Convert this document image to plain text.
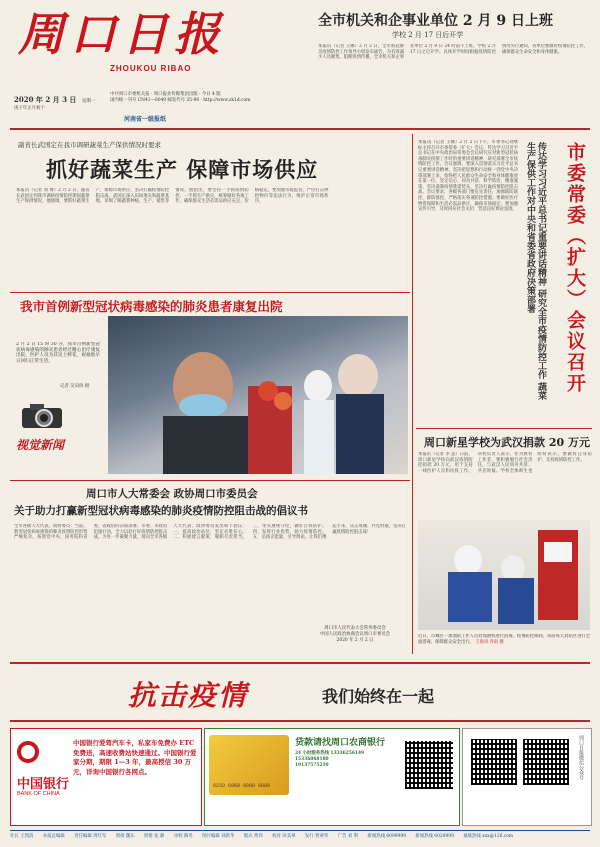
周口日报
ZHOUKOU RIBAO
2020 年 2 月 3 日 星期一
庚子年正月初十
中共周口市委机关报 · 周口报业传媒集团出版 · 今日 4 版
国内统一刊号 CN41—0049 邮发代号 35-98 · http://www.zk1d.com
河南省一级报纸
全市机关和企事业单位 2 月 9 日上班
学校 2 月 17 日后开学
本报讯（记者 王娜）2 月 2 日，全市新冠肺炎疫情防控工作领导小组发布通告，为有效减少人员聚集，阻断疫情传播，全市机关和企事业单位 2 月 9 日 24 时前不上班，学校 2 月 17 日之后开学。具体开学时间根据疫情防控情况另行通知。各单位要做好疫情防控工作，确保群众生命安全和身体健康。
副省长武国定在我市调研蔬菜生产保供情况时要求
抓好蔬菜生产 保障市场供应
本报讯（记者 刘 博）2 月 2 日，副省长武国定到我市调研疫情防控期间蔬菜生产保供情况，他强调，要抓好蔬菜生产，保障市场供应，坚决打赢疫情防控阻击战。武国定深入田间地头和蔬菜基地，详细了解蔬菜种植、生产、销售等情况。他指出，要坚持一手抓疫情防控，一手抓生产供应，统筹做好各项工作，确保群众生活必需品供应充足、价格稳定。要加强市场监管，严厉打击哄抬物价等违法行为，维护正常市场秩序。
我市首例新型冠状病毒感染的肺炎患者康复出院
2 月 2 日 15 时 30 分，我市首例新型冠状病毒感染的肺炎患者经过精心治疗康复出院，医护人员为其送上鲜花，祝福他早日回归正常生活。
记者 吴向珍 摄
视觉新闻
周口市人大常委会 政协周口市委员会
关于助力打赢新型冠状病毒感染的肺炎疫情防控阻击战的倡议书
全市各级人大代表、政协委员：当前，新型冠状病毒感染的肺炎疫情防控形势严峻复杂。按照党中央、国务院和省委、省政府的决策部署，市委、市政府迅速行动，全力以赴打好疫情防控阻击战。为进一步凝聚力量，现向全市各级人大代表、政协委员发出如下倡议：一、提高政治站位，坚定必胜信心。二、积极建言献策，履职尽责担当。三、带头遵规守纪，做好自我防护。四、发挥行业优势，助力疫情防控。五、弘扬正能量，引导舆论。让我们携起手来，众志成城、共克时艰，坚决打赢疫情防控阻击战！
周口市人民代表大会常务委员会
中国人民政治协商会议周口市委员会
2020 年 2 月 2 日
本报讯（记者 王娜）2 月 2 日下午，市委书记刘继标主持召开市委常委（扩大）会议，传达学习习近平总书记在中央政治局常委会会议研究应对新型冠状病毒肺炎疫情工作时的重要讲话精神，研究部署全市疫情防控工作。会议强调，要深入贯彻落实习近平总书记重要讲话精神，坚决把思想和行动统一到党中央决策部署上来，始终把人民群众生命安全和身体健康放在第一位，坚定信心、同舟共济、科学防治、精准施策，坚决遏制疫情蔓延势头，坚决打赢疫情防控阻击战。会议要求，各级各部门要压实责任，加强联防联控、群防群控，严格落实各项防控措施；要做好医疗物资保障和生活必需品供应，确保市场稳定；要加强宣传引导，及时回应社会关切，营造良好舆论氛围。	传达学习习近平总书记重要讲话精神 研究全市疫情防控工作 蔬菜生产保供工作对中央和省委省政府决策部署	市委常委（扩大）会议召开
周口新星学校为武汉捐款 20 万元
本报讯（记者 李 慧）日前，周口新星学校向武汉疫情防控捐款 20 万元，用于支持一线医护人员和抗疫工作。该校负责人表示，作为教育工作者，要积极履行社会责任，与武汉人民同舟共济、共克时艰。学校全体师生也纷纷表示，要做好自身防护，支持疫情防控工作。
近日，市城区一加油站工作人员对加油机进行消毒。疫情防控期间，该站每天对站区进行全面消毒，保障群众安全出行。 王海涛 乔南 摄
抗击疫情	我们始终在一起
中国银行
BANK OF CHINA
中国银行爱驾汽车卡，私家车免费办 ETC 免费送，高速收费站快速通过。中国银行爱家分期，期限 1—3 年，最高授信 30 万元，详询中国银行各网点。
6233 6868 8888 8888
贷款请找周口农商银行
24 小时服务热线 13336256149
15336868180
19137575210	周口日报微信公众号
社长 王凯清 本报总编辑 责任编辑 周红军 照排 魏东 照排 张 静 审校 陶冬 图片编辑 刘新华 版式 黄伟 校对 田美翠 发行 贾翠华 广告 刘 利 新闻热线 6099999 新闻热线 6029999 通联热线 xxx@126.com
